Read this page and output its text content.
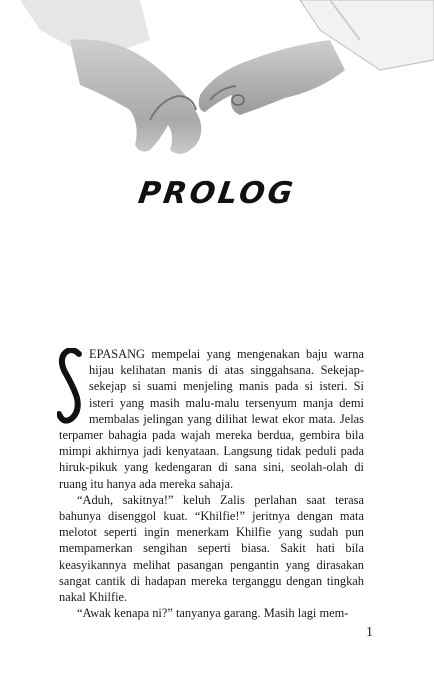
PROLOG

EPASANG mempelai yang mengenakan baju warna hijau kelihatan manis di atas singgahsana. Sekejap-sekejap si suami menjeling manis pada si isteri. Si isteri yang masih malu-malu tersenyum manja demi membalas jelingan yang dilihat lewat ekor mata. Jelas terpamer bahagia pada wajah mereka berdua, gembira bila mimpi akhirnya jadi kenyataan. Langsung tidak peduli pada hiruk-pikuk yang kedengaran di sana sini, seolah-olah di ruang itu hanya ada mereka sahaja.

“Aduh, sakitnya!” keluh Zalis perlahan saat terasa bahunya disenggol kuat. “Khilfie!” jeritnya dengan mata melotot seperti ingin menerkam Khilfie yang sudah pun mempamerkan sengihan seperti biasa. Sakit hati bila keasyikannya melihat pasangan pengantin yang dirasakan sangat cantik di hadapan mereka terganggu dengan tingkah nakal Khilfie.

“Awak kenapa ni?” tanyanya garang. Masih lagi mem-

1
